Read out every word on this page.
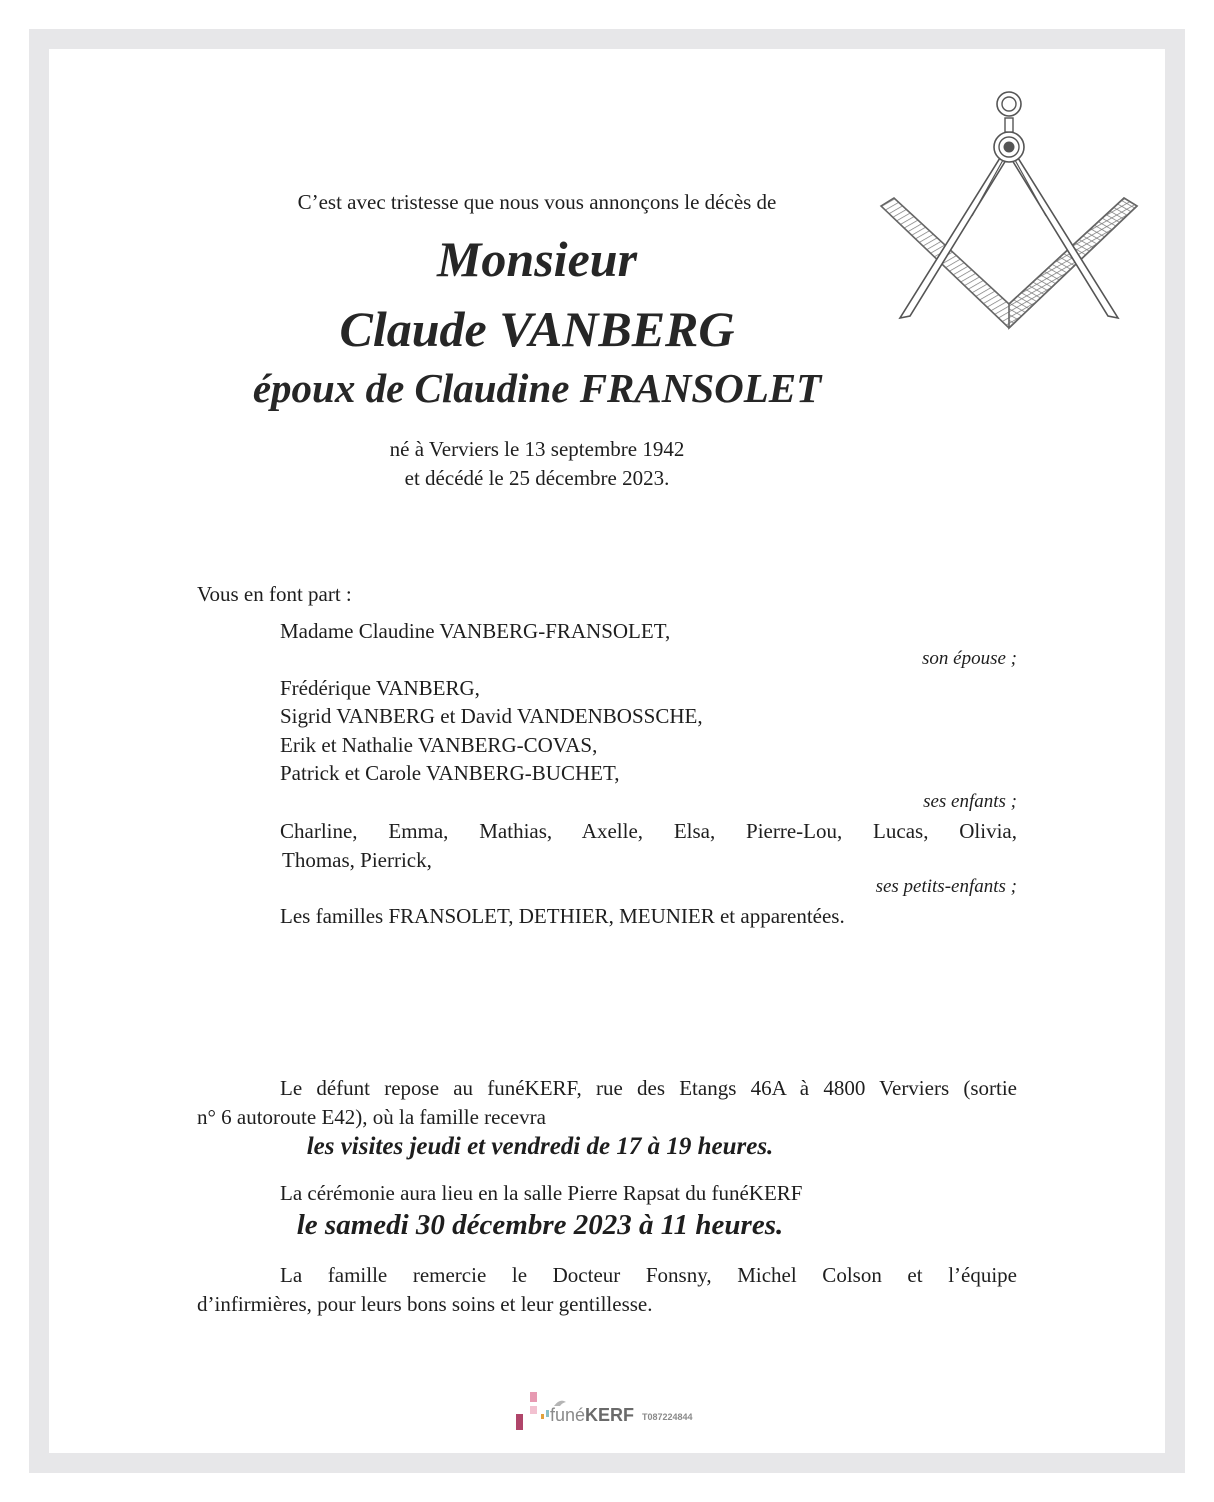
C’est avec tristesse que nous vous annonçons le décès de
Monsieur
Claude VANBERG
époux de Claudine FRANSOLET
né à Verviers le 13 septembre 1942
et décédé le 25 décembre 2023.
Vous en font part :
Madame Claudine VANBERG-FRANSOLET,
son épouse ;
Frédérique VANBERG,
Sigrid VANBERG et David VANDENBOSSCHE,
Erik et Nathalie VANBERG-COVAS,
Patrick et Carole VANBERG-BUCHET,
ses enfants ;
Charline, Emma, Mathias, Axelle, Elsa, Pierre-Lou, Lucas, Olivia,
Thomas, Pierrick,
ses petits-enfants ;
Les familles FRANSOLET, DETHIER, MEUNIER et apparentées.
Le défunt repose au funéKERF, rue des Etangs 46A à 4800 Verviers (sortie
n° 6 autoroute E42), où la famille recevra
les visites jeudi et vendredi de 17 à 19 heures.
La cérémonie aura lieu en la salle Pierre Rapsat du funéKERF
le samedi 30 décembre 2023 à 11 heures.
La famille remercie le Docteur Fonsny, Michel Colson et l’équipe
d’infirmières, pour leurs bons soins et leur gentillesse.
funéKERF T087224844
